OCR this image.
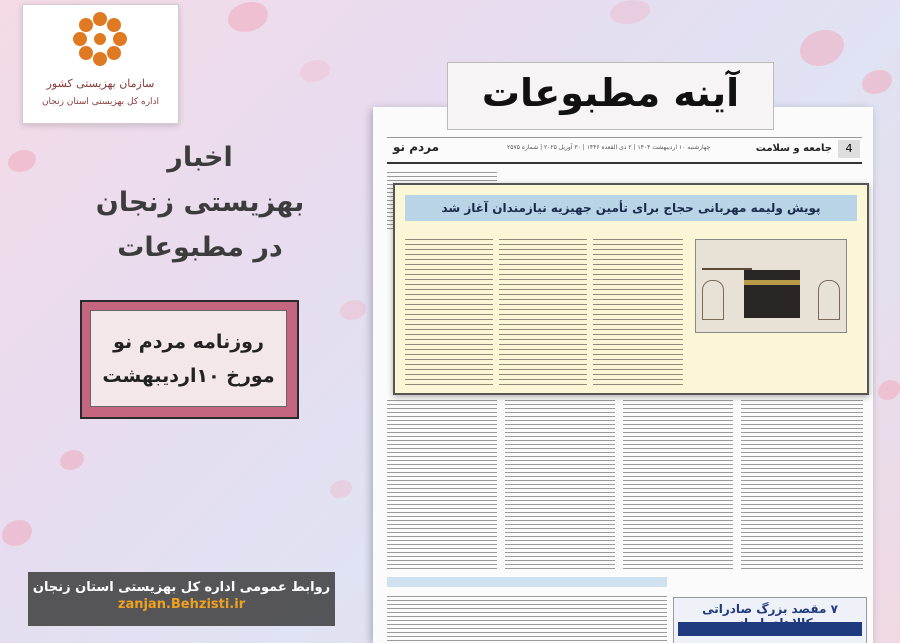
سازمان بهزیستی کشور
اداره کل بهزیستی استان زنجان
اخبار
بهزیستی زنجان
در مطبوعات
روزنامه مردم نو
مورخ ۱۰اردیبهشت
روابط عمومی اداره کل بهزیستی استان زنجان
zanjan.Behzisti.ir
مردم نو	چهارشنبه ۱۰ اردیبهشت ۱۴۰۴ | ۲ ذی القعده ۱۴۴۶ | ۳۰ آوریل ۲۰۲۵ | شماره ۲۵۷۵	جامعه و سلامت	4
۷ مقصد بزرگ صادراتی
آینه مطبوعات
پویش ولیمه مهربانی حجاج برای تأمین جهیزیه نیازمندان آغاز شد
